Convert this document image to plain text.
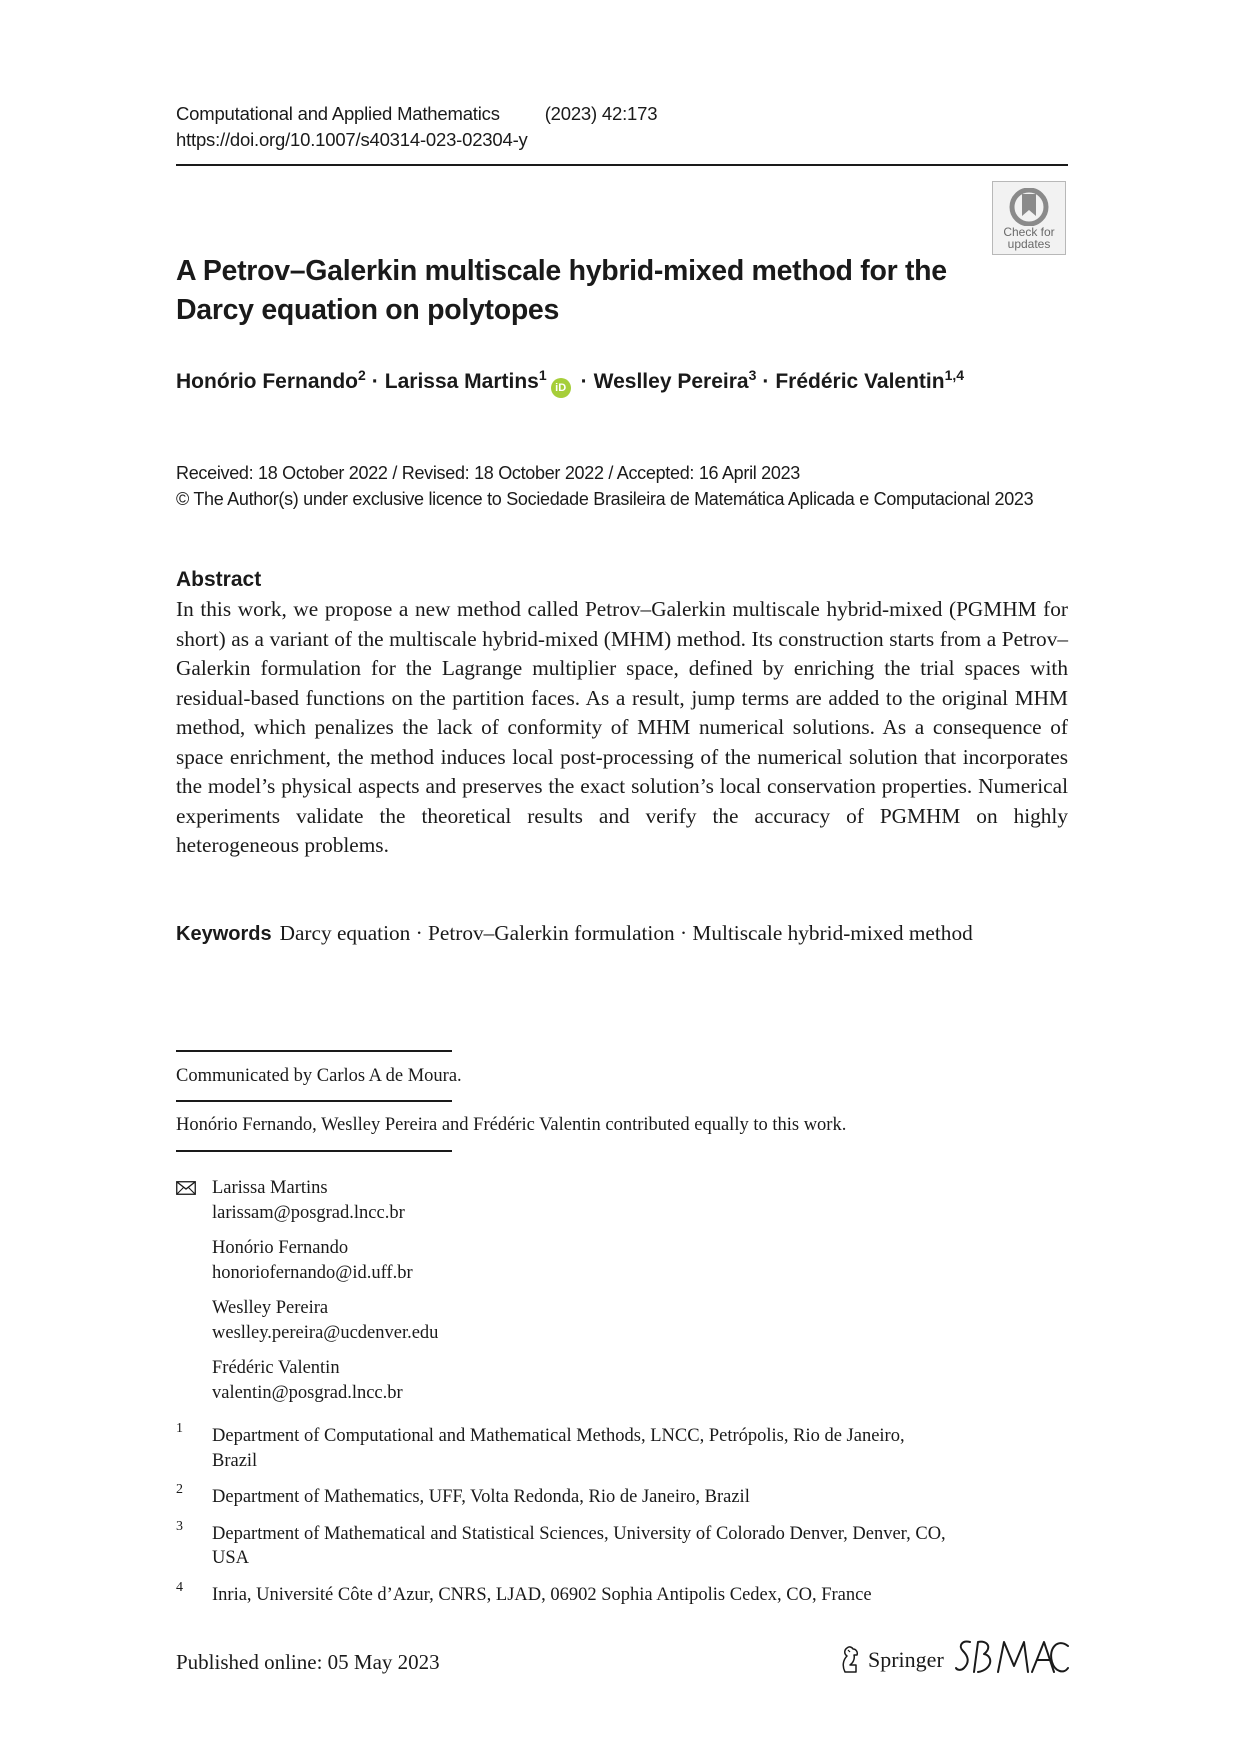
Computational and Applied Mathematics (2023) 42:173
https://doi.org/10.1007/s40314-023-02304-y
Check for
updates
A Petrov–Galerkin multiscale hybrid-mixed method for the Darcy equation on polytopes
Honório Fernando$^2$ · Larissa Martins$^1$iD · Weslley Pereira$^3$ · Frédéric Valentin$^{1,4}$
Received: 18 October 2022 / Revised: 18 October 2022 / Accepted: 16 April 2023
© The Author(s) under exclusive licence to Sociedade Brasileira de Matemática Aplicada e Computacional 2023
Abstract
In this work, we propose a new method called Petrov–Galerkin multiscale hybrid-mixed (PGMHM for short) as a variant of the multiscale hybrid-mixed (MHM) method. Its construction starts from a Petrov–Galerkin formulation for the Lagrange multiplier space, defined by enriching the trial spaces with residual-based functions on the partition faces. As a result, jump terms are added to the original MHM method, which penalizes the lack of conformity of MHM numerical solutions. As a consequence of space enrichment, the method induces local post-processing of the numerical solution that incorporates the model’s physical aspects and preserves the exact solution’s local conservation properties. Numerical experiments validate the theoretical results and verify the accuracy of PGMHM on highly heterogeneous problems.
Keywords Darcy equation · Petrov–Galerkin formulation · Multiscale hybrid-mixed method
Communicated by Carlos A de Moura.
Honório Fernando, Weslley Pereira and Frédéric Valentin contributed equally to this work.
Larissa Martins
larissam@posgrad.lncc.br
Honório Fernando
honoriofernando@id.uff.br
Weslley Pereira
weslley.pereira@ucdenver.edu
Frédéric Valentin
valentin@posgrad.lncc.br
1 Department of Computational and Mathematical Methods, LNCC, Petrópolis, Rio de Janeiro,
Brazil
2 Department of Mathematics, UFF, Volta Redonda, Rio de Janeiro, Brazil
3 Department of Mathematical and Statistical Sciences, University of Colorado Denver, Denver, CO,
USA
4 Inria, Université Côte d’Azur, CNRS, LJAD, 06902 Sophia Antipolis Cedex, CO, France
Published online: 05 May 2023	Springer
